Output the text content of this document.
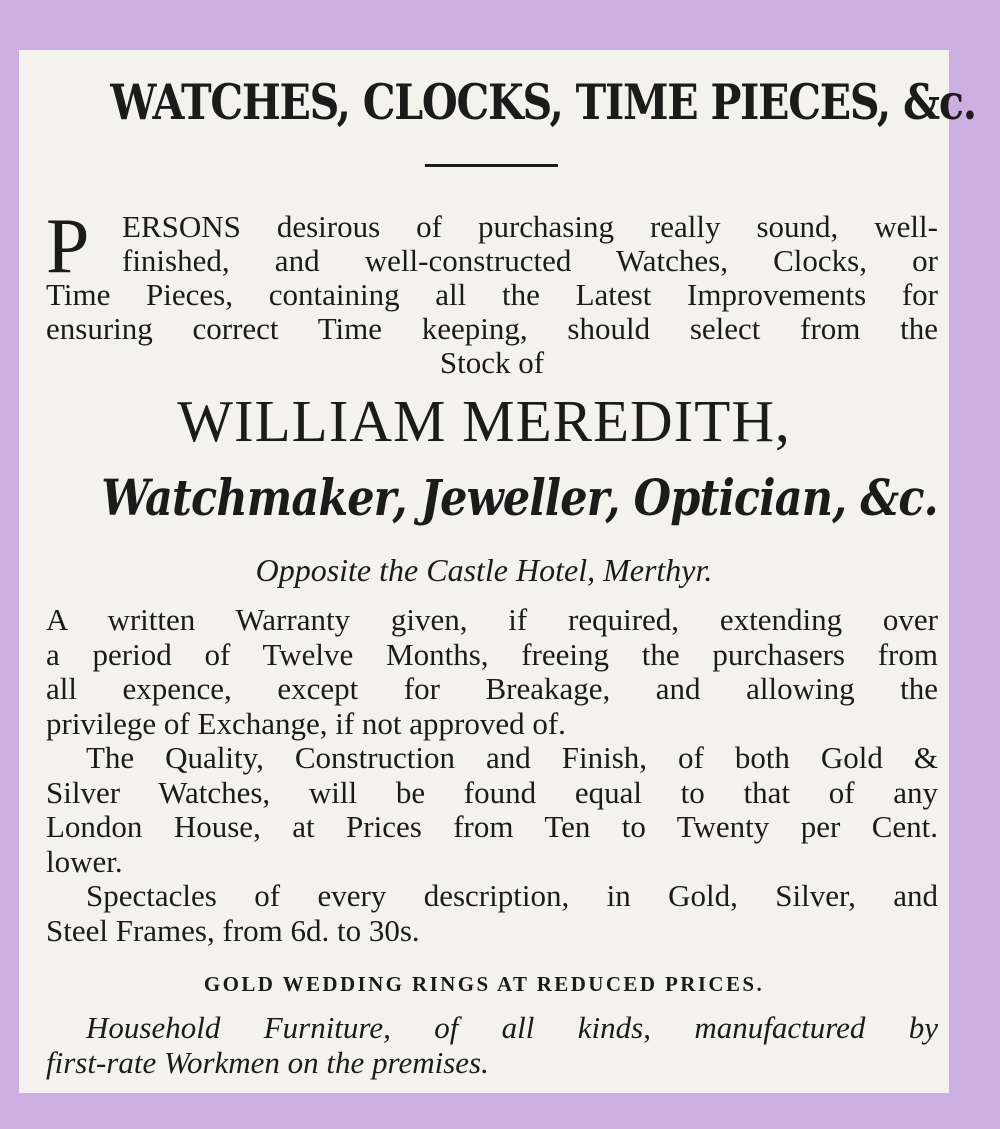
WATCHES, CLOCKS, TIME PIECES, &c.
P	ERSONS desirous of purchasing really sound, well-
finished, and well-constructed Watches, Clocks, or
Time Pieces, containing all the Latest Improvements for
ensuring correct Time keeping, should select from the
Stock of
WILLIAM MEREDITH,
Watchmaker, Jeweller, Optician, &c.
Opposite the Castle Hotel, Merthyr.
A written Warranty given, if required, extending over
a period of Twelve Months, freeing the purchasers from
all expence, except for Breakage, and allowing the
privilege of Exchange, if not approved of.
The Quality, Construction and Finish, of both Gold &
Silver Watches, will be found equal to that of any
London House, at Prices from Ten to Twenty per Cent.
lower.
Spectacles of every description, in Gold, Silver, and
Steel Frames, from 6d. to 30s.
GOLD WEDDING RINGS AT REDUCED PRICES.
Household Furniture, of all kinds, manufactured by
first-rate Workmen on the premises.
